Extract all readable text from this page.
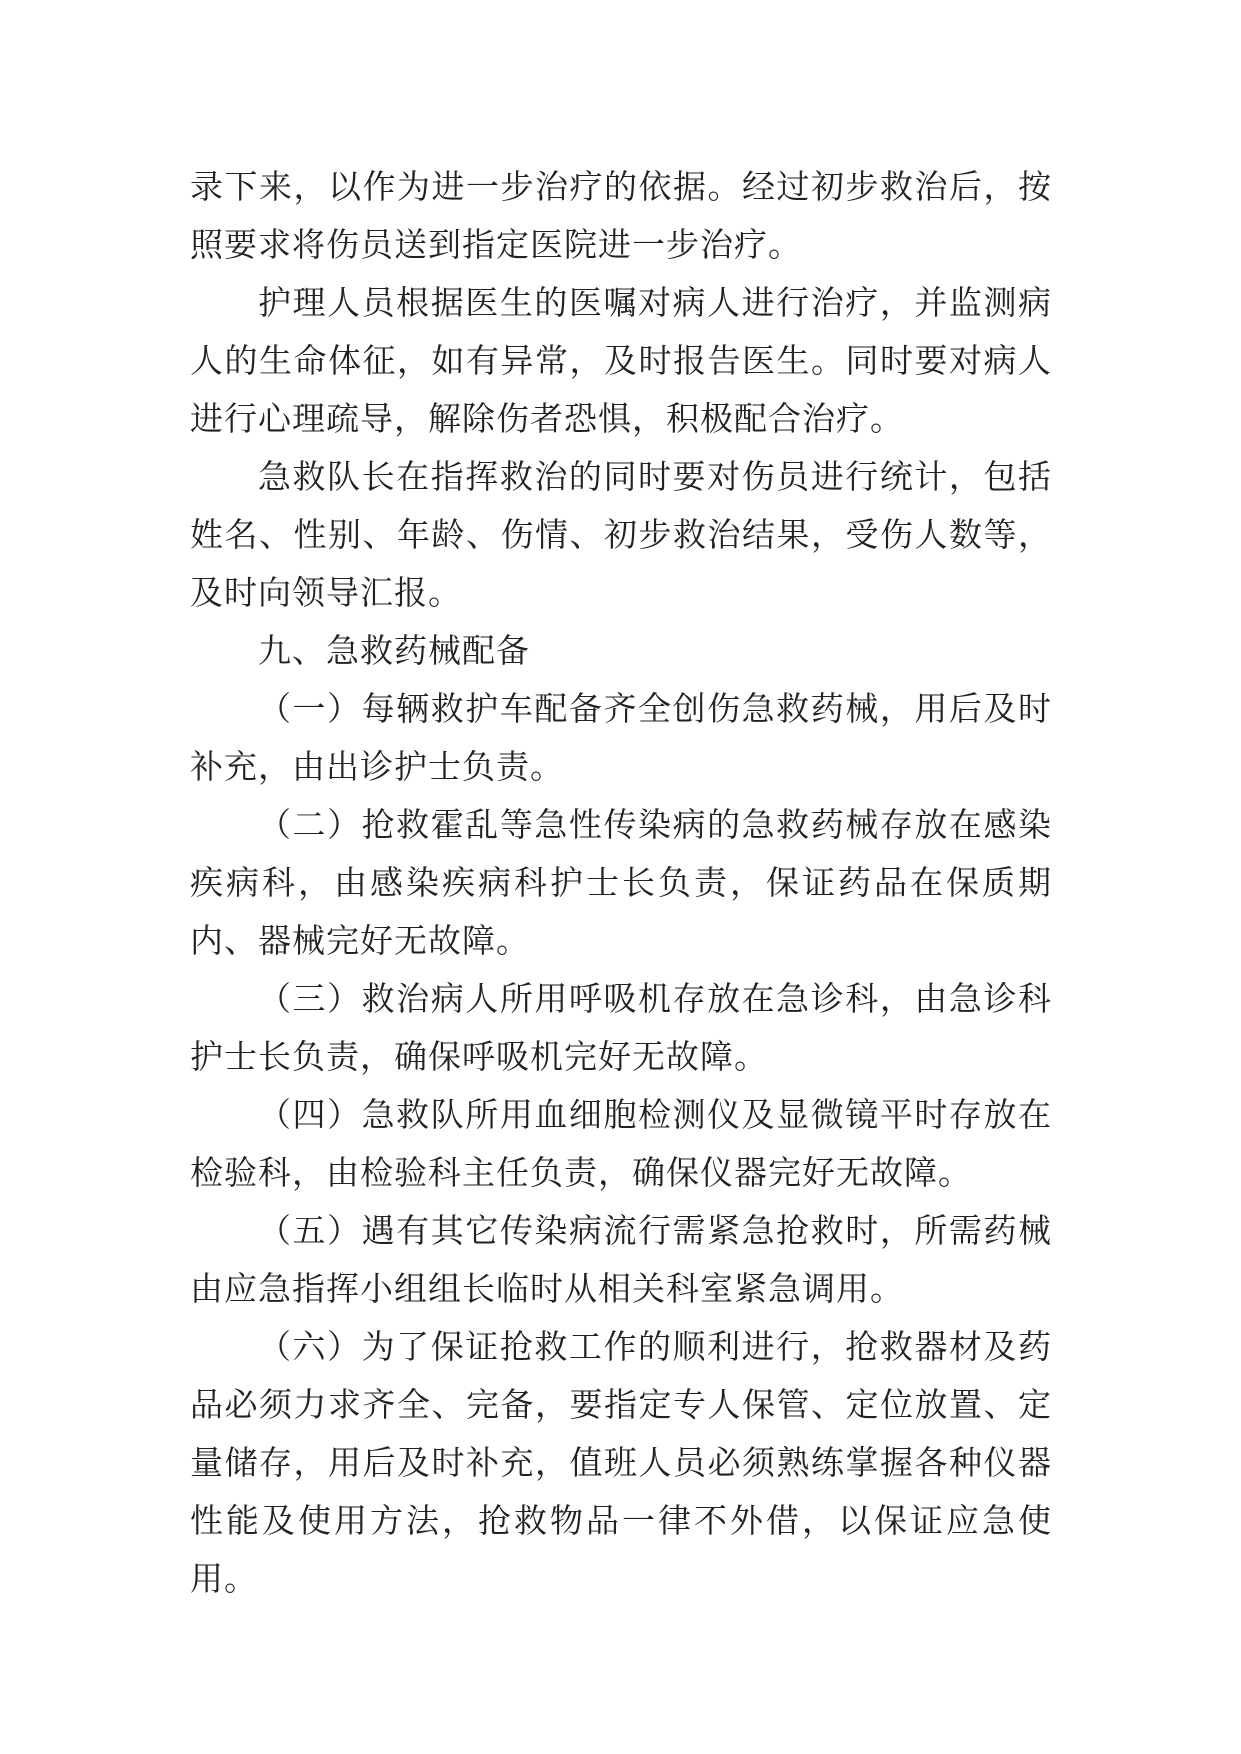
录下来，以作为进一步治疗的依据。经过初步救治后，按照要求将伤员送到指定医院进一步治疗。

护理人员根据医生的医嘱对病人进行治疗，并监测病人的生命体征，如有异常，及时报告医生。同时要对病人进行心理疏导，解除伤者恐惧，积极配合治疗。

急救队长在指挥救治的同时要对伤员进行统计，包括姓名、性别、年龄、伤情、初步救治结果，受伤人数等，及时向领导汇报。

九、急救药械配备

（一）每辆救护车配备齐全创伤急救药械，用后及时补充，由出诊护士负责。

（二）抢救霍乱等急性传染病的急救药械存放在感染疾病科，由感染疾病科护士长负责，保证药品在保质期内、器械完好无故障。

（三）救治病人所用呼吸机存放在急诊科，由急诊科护士长负责，确保呼吸机完好无故障。

（四）急救队所用血细胞检测仪及显微镜平时存放在检验科，由检验科主任负责，确保仪器完好无故障。

（五）遇有其它传染病流行需紧急抢救时，所需药械由应急指挥小组组长临时从相关科室紧急调用。

（六）为了保证抢救工作的顺利进行，抢救器材及药品必须力求齐全、完备，要指定专人保管、定位放置、定量储存，用后及时补充，值班人员必须熟练掌握各种仪器性能及使用方法，抢救物品一律不外借，以保证应急使用。
